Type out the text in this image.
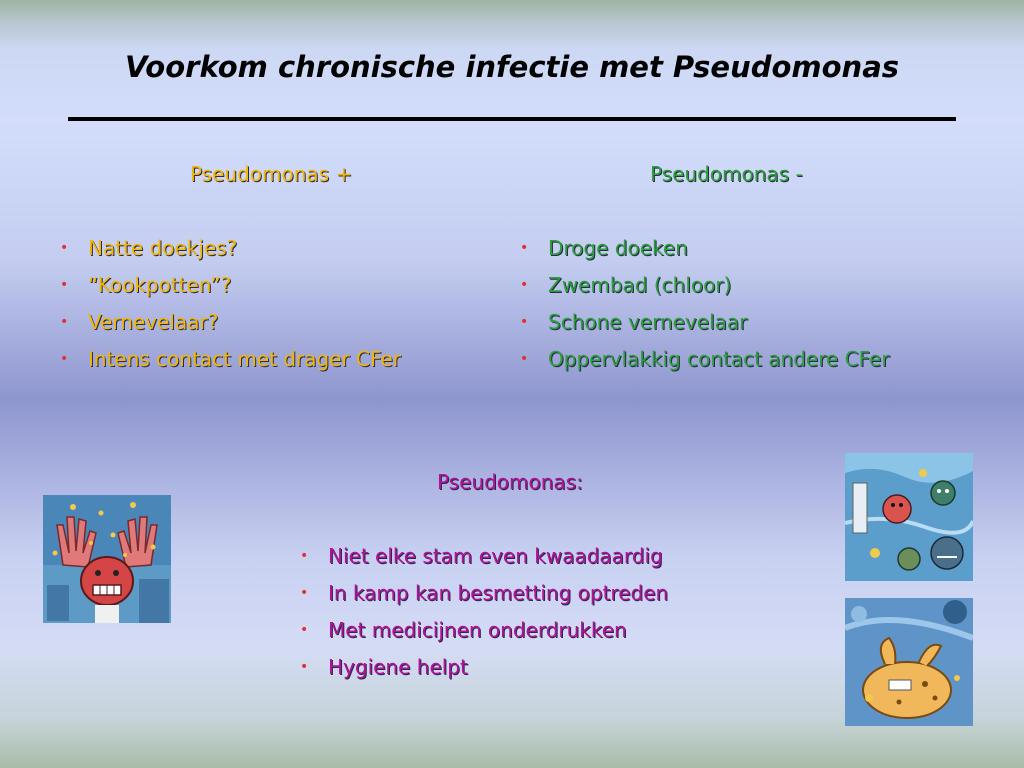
Voorkom chronische infectie met Pseudomonas
Pseudomonas +
• Natte doekjes?
• “Kookpotten”?
• Vernevelaar?
• Intens contact met drager CFer
Pseudomonas -
• Droge doeken
• Zwembad (chloor)
• Schone vernevelaar
• Oppervlakkig contact andere CFer
Pseudomonas:
• Niet elke stam even kwaadaardig
• In kamp kan besmetting optreden
• Met medicijnen onderdrukken
• Hygiene helpt
